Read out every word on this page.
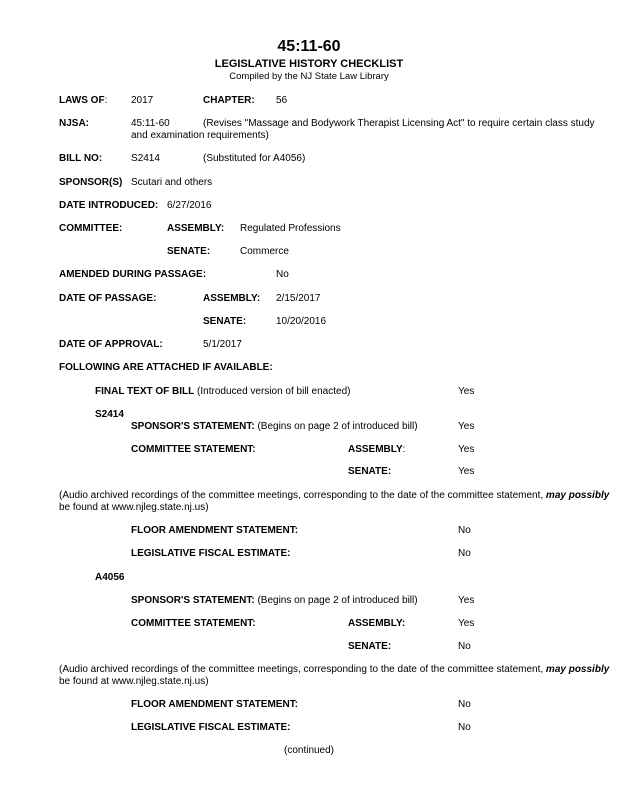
45:11-60
LEGISLATIVE HISTORY CHECKLIST
Compiled by the NJ State Law Library
LAWS OF: 2017	CHAPTER: 56
NJSA:	45:11-60	(Revises "Massage and Bodywork Therapist Licensing Act" to require certain class study
and examination requirements)
BILL NO:	S2414	(Substituted for A4056)
SPONSOR(S) Scutari and others
DATE INTRODUCED: 6/27/2016
COMMITTEE:	ASSEMBLY: Regulated Professions
SENATE:	Commerce
AMENDED DURING PASSAGE:	No
DATE OF PASSAGE:	ASSEMBLY: 2/15/2017
SENATE:	10/20/2016
DATE OF APPROVAL:	5/1/2017
FOLLOWING ARE ATTACHED IF AVAILABLE:
FINAL TEXT OF BILL (Introduced version of bill enacted)	Yes
S2414
SPONSOR'S STATEMENT: (Begins on page 2 of introduced bill)	Yes
COMMITTEE STATEMENT:	ASSEMBLY:	Yes
SENATE:	Yes
(Audio archived recordings of the committee meetings, corresponding to the date of the committee statement, may possibly
be found at www.njleg.state.nj.us)
FLOOR AMENDMENT STATEMENT:	No
LEGISLATIVE FISCAL ESTIMATE:	No
A4056
SPONSOR'S STATEMENT: (Begins on page 2 of introduced bill)	Yes
COMMITTEE STATEMENT:	ASSEMBLY:	Yes
SENATE:	No
(Audio archived recordings of the committee meetings, corresponding to the date of the committee statement, may possibly
be found at www.njleg.state.nj.us)
FLOOR AMENDMENT STATEMENT:	No
LEGISLATIVE FISCAL ESTIMATE:	No
(continued)
